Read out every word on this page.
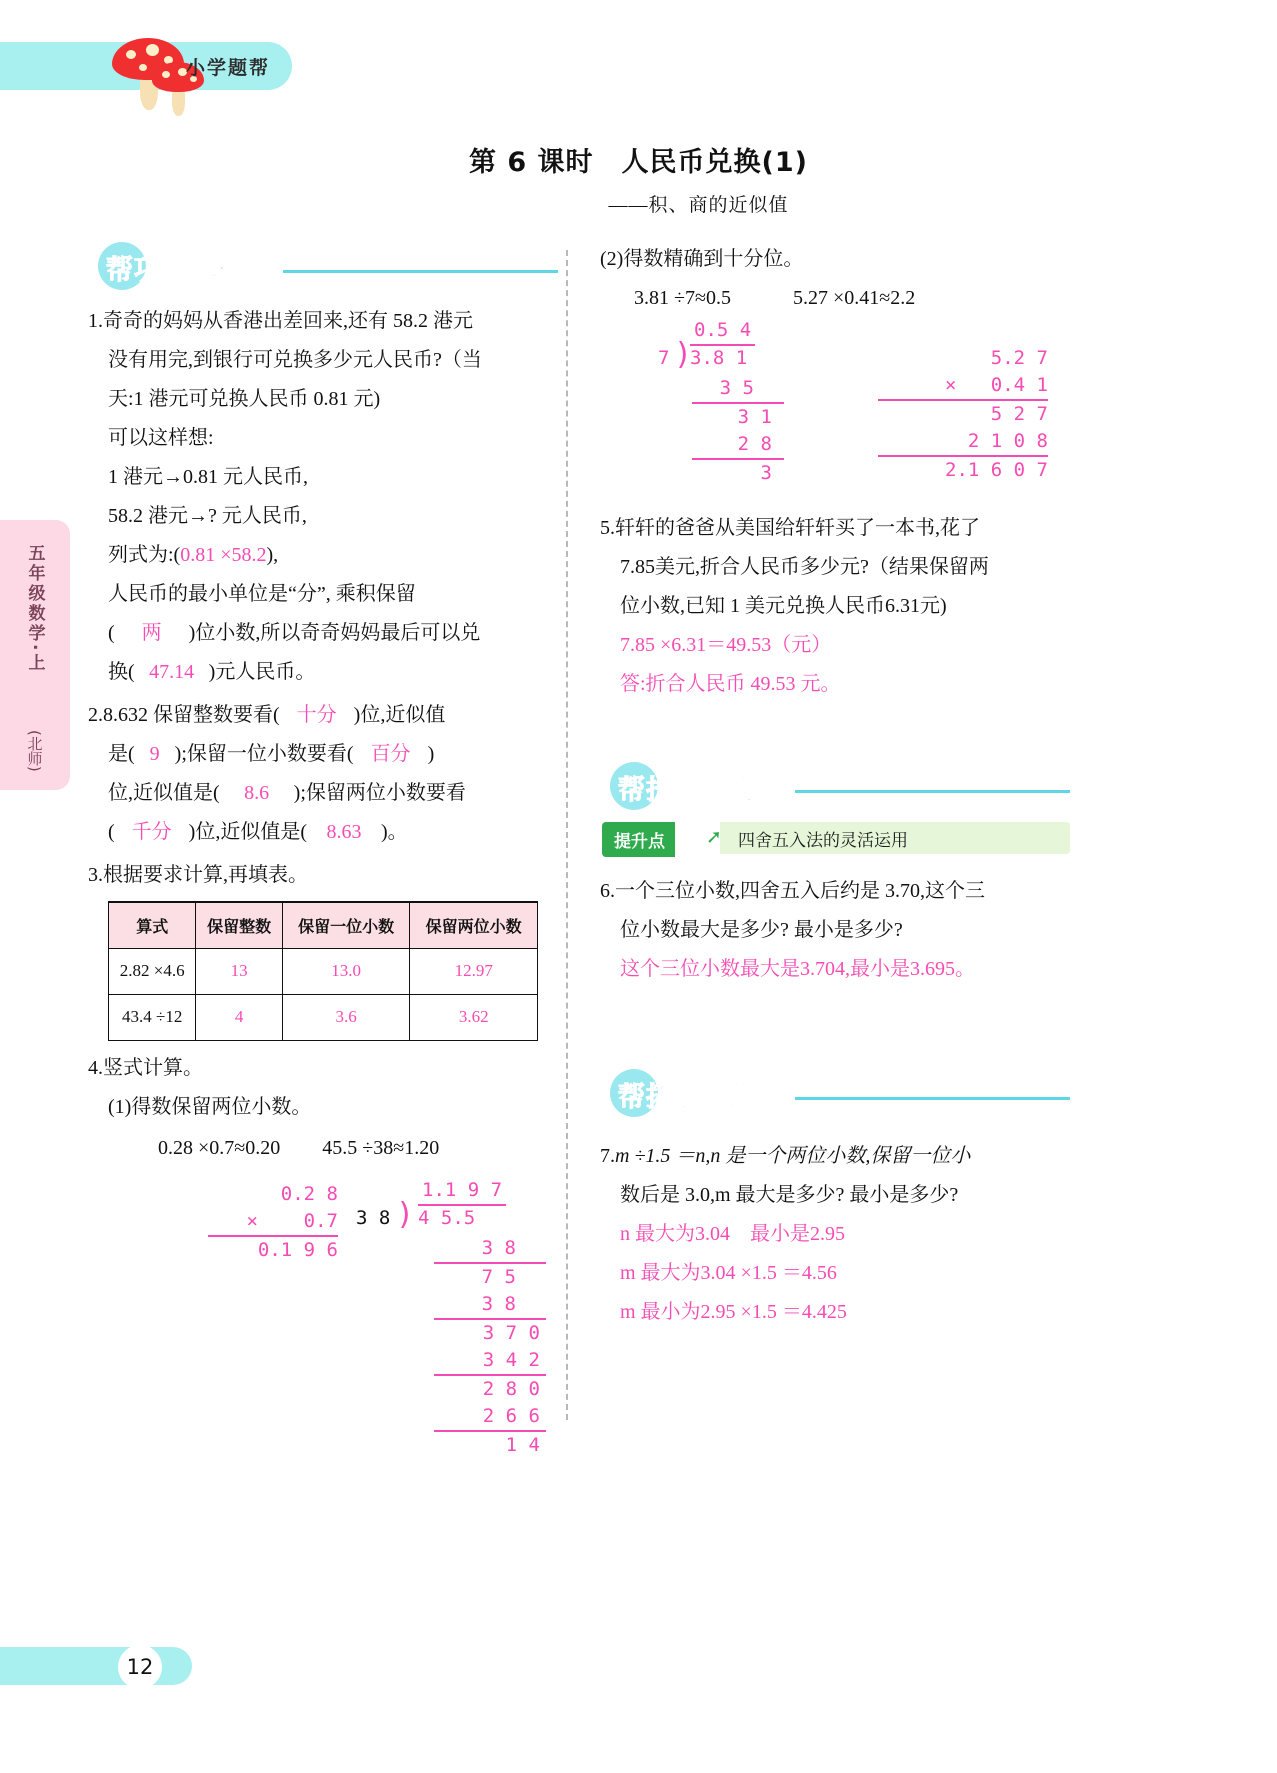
小学题帮
五年级数学·上
(北师)
第 6 课时　人民币兑换(1)
——积、商的近似值
帮巩固基础
1.奇奇的妈妈从香港出差回来,还有 58.2 港元
没有用完,到银行可兑换多少元人民币?（当
天:1 港元可兑换人民币 0.81 元)
可以这样想:
1 港元→0.81 元人民币,
58.2 港元→? 元人民币,
列式为:(0.81 ×58.2),
人民币的最小单位是“分”, 乘积保留
( 两 )位小数,所以奇奇妈妈最后可以兑
换( 47.14 )元人民币。
2.8.632 保留整数要看( 十分 )位,近似值
是( 9 );保留一位小数要看( 百分 )
位,近似值是( 8.6 );保留两位小数要看
( 千分 )位,近似值是( 8.63 )。
3.根据要求计算,再填表。
算式	保留整数	保留一位小数	保留两位小数
2.82 ×4.6	13	13.0	12.97
43.4 ÷12	4	3.6	3.62
4.竖式计算。
(1)得数保留两位小数。
0.28 ×0.7≈0.20 45.5 ÷38≈1.20
0.2 8
×    0.7
0.1 9 6
1.1 9 7
3 8 ) 4 5.5
3 8
7 5
3 8
3 7 0
3 4 2
2 8 0
2 6 6
1 4
(2)得数精确到十分位。
3.81 ÷7≈0.5	5.27 ×0.41≈2.2
0.5 4
7 )
3.8 1
3 5
3 1
2 8
3
5.2 7
×   0.4 1
5 2 7
2 1 0 8
2.1 6 0 7
5.轩轩的爸爸从美国给轩轩买了一本书,花了
7.85美元,折合人民币多少元?（结果保留两
位小数,已知 1 美元兑换人民币6.31元)
7.85 ×6.31＝49.53（元）
答:折合人民币 49.53 元。
帮提升能力
提升点	➚ 四舍五入法的灵活运用
6.一个三位小数,四舍五入后约是 3.70,这个三
位小数最大是多少? 最小是多少?
这个三位小数最大是3.704,最小是3.695。
帮拓展思维
7.m ÷1.5 ＝n,n 是一个两位小数,保留一位小
数后是 3.0,m 最大是多少? 最小是多少?
n 最大为3.04　最小是2.95
m 最大为3.04 ×1.5 ＝4.56
m 最小为2.95 ×1.5 ＝4.425
12
